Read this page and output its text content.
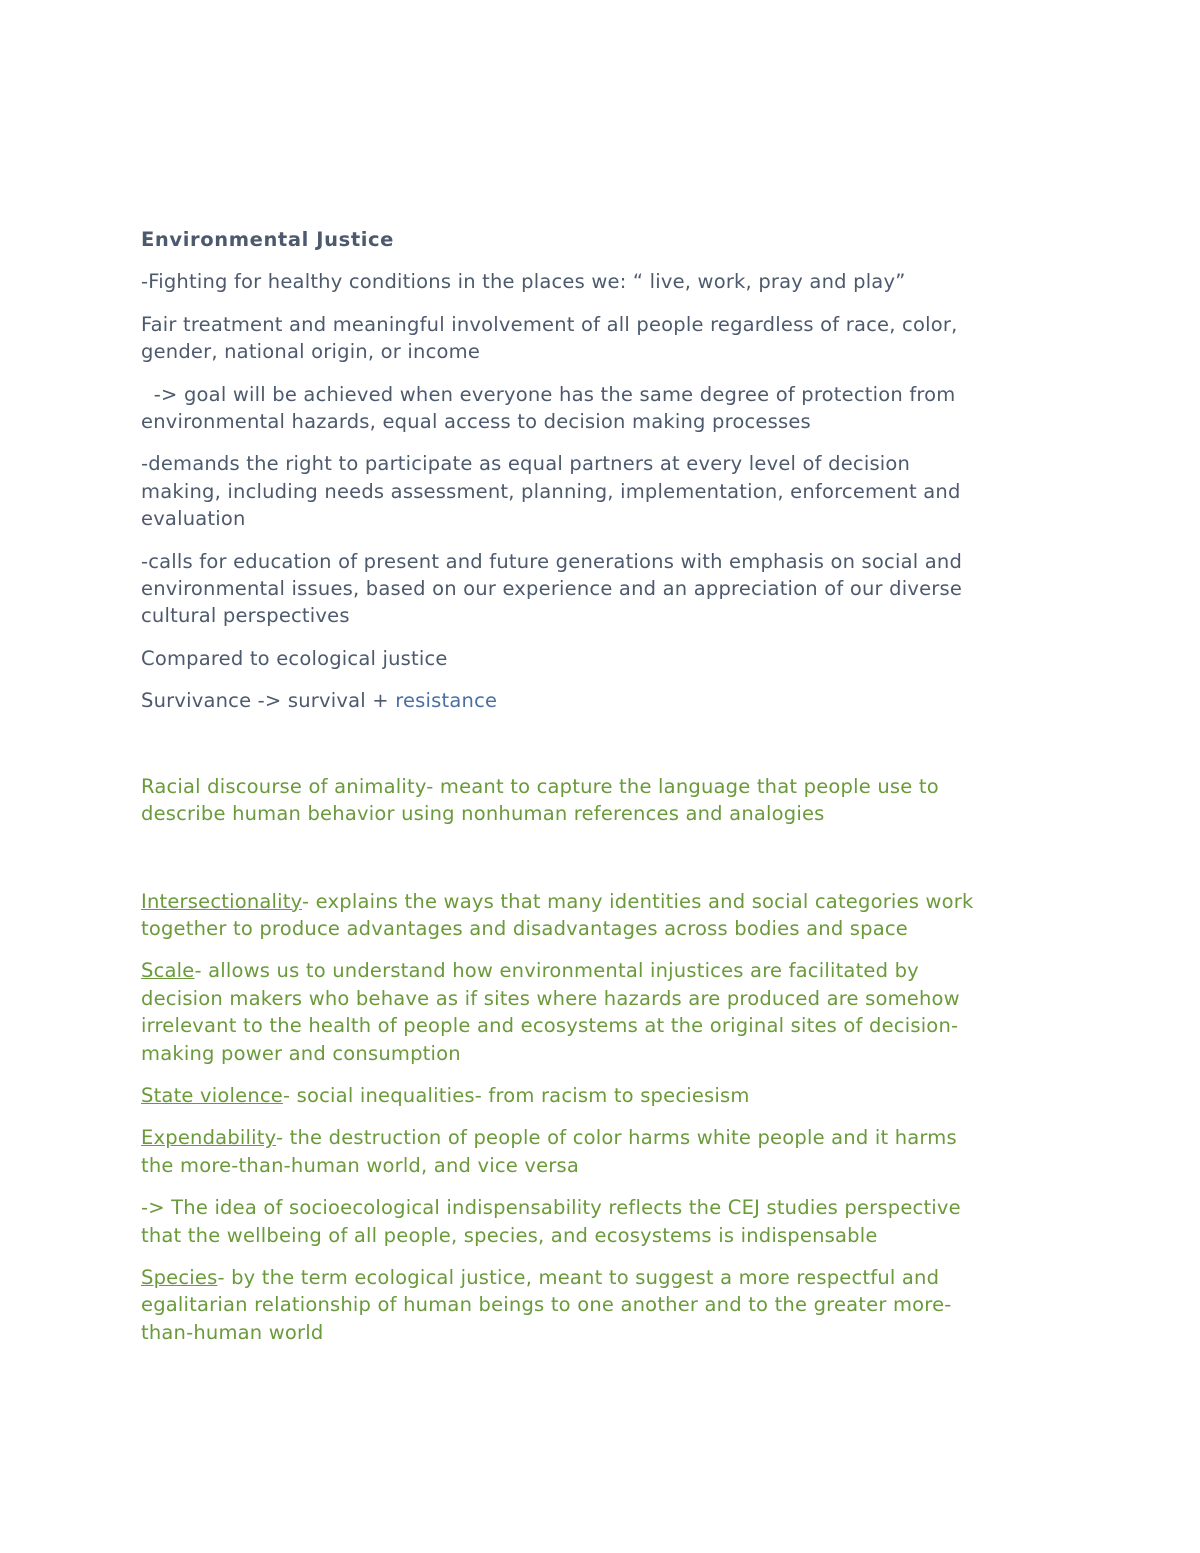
Environmental Justice

-Fighting for healthy conditions in the places we: “ live, work, pray and play”

Fair treatment and meaningful involvement of all people regardless of race, color,

gender, national origin, or income

-> goal will be achieved when everyone has the same degree of protection from

environmental hazards, equal access to decision making processes

-demands the right to participate as equal partners at every level of decision

making, including needs assessment, planning, implementation, enforcement and

evaluation

-calls for education of present and future generations with emphasis on social and

environmental issues, based on our experience and an appreciation of our diverse

cultural perspectives

Compared to ecological justice

Survivance -> survival + resistance

Racial discourse of animality- meant to capture the language that people use to

describe human behavior using nonhuman references and analogies

Intersectionality- explains the ways that many identities and social categories work

together to produce advantages and disadvantages across bodies and space

Scale- allows us to understand how environmental injustices are facilitated by

decision makers who behave as if sites where hazards are produced are somehow

irrelevant to the health of people and ecosystems at the original sites of decision-

making power and consumption

State violence- social inequalities- from racism to speciesism

Expendability- the destruction of people of color harms white people and it harms

the more-than-human world, and vice versa

-> The idea of socioecological indispensability reflects the CEJ studies perspective

that the wellbeing of all people, species, and ecosystems is indispensable

Species- by the term ecological justice, meant to suggest a more respectful and

egalitarian relationship of human beings to one another and to the greater more-

than-human world
